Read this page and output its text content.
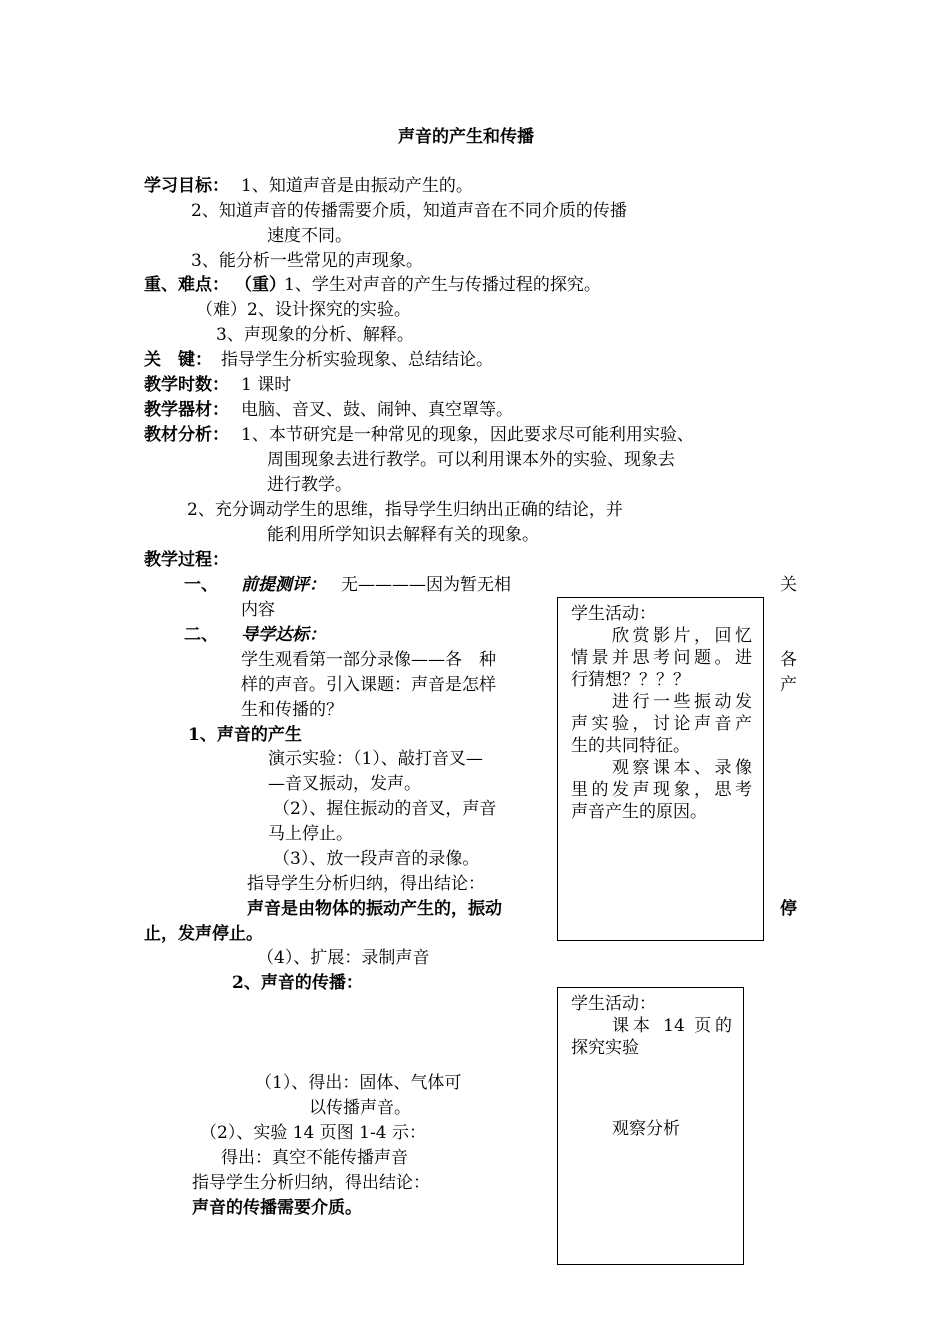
声音的产生和传播
学习目标： 1、知道声音是由振动产生的。
2、知道声音的传播需要介质，知道声音在不同介质的传播
速度不同。
3、能分析一些常见的声现象。
重、难点： （重）
1、学生对声音的产生与传播过程的探究。
（难）2、设计探究的实验。
3、声现象的分析、解释。
关　键： 指导学生分析实验现象、总结结论。
教学时数： 1 课时
教学器材： 电脑、音叉、鼓、闹钟、真空罩等。
教材分析： 1、本节研究是一种常见的现象，因此要求尽可能利用实验、
周围现象去进行教学。可以利用课本外的实验、现象去
进行教学。
2、充分调动学生的思维，指导学生归纳出正确的结论，并
能利用所学知识去解释有关的现象。
教学过程：
一、 前提测评： 无————因为暂无相	关
内容
二、 导学达标：
学生观看第一部分录像——各　种	各
产
样的声音。引入课题：声音是怎样
生和传播的？
1、声音的产生
演示实验：（1）、敲打音叉—
—音叉振动，发声。
（2）、握住振动的音叉，声音
马上停止。
（3）、放一段声音的录像。
指导学生分析归纳，得出结论：
声音是由物体的振动产生的，振动	停
止，发声停止。
（4）、扩展：录制声音
2、声音的传播：
（1）、得出：固体、气体可
以传播声音。
（2）、实验 14 页图 1-4 示：
得出：真空不能传播声音
指导学生分析归纳，得出结论：
声音的传播需要介质。
学生活动：
欣赏影片，回忆
情景并思考问题。进
行猜想？？？？
进行一些振动发
声实验，讨论声音产
生的共同特征。
观察课本、录像
里的发声现象，思考
声音产生的原因。
学生活动：
课本 14 页的
探究实验
观察分析
